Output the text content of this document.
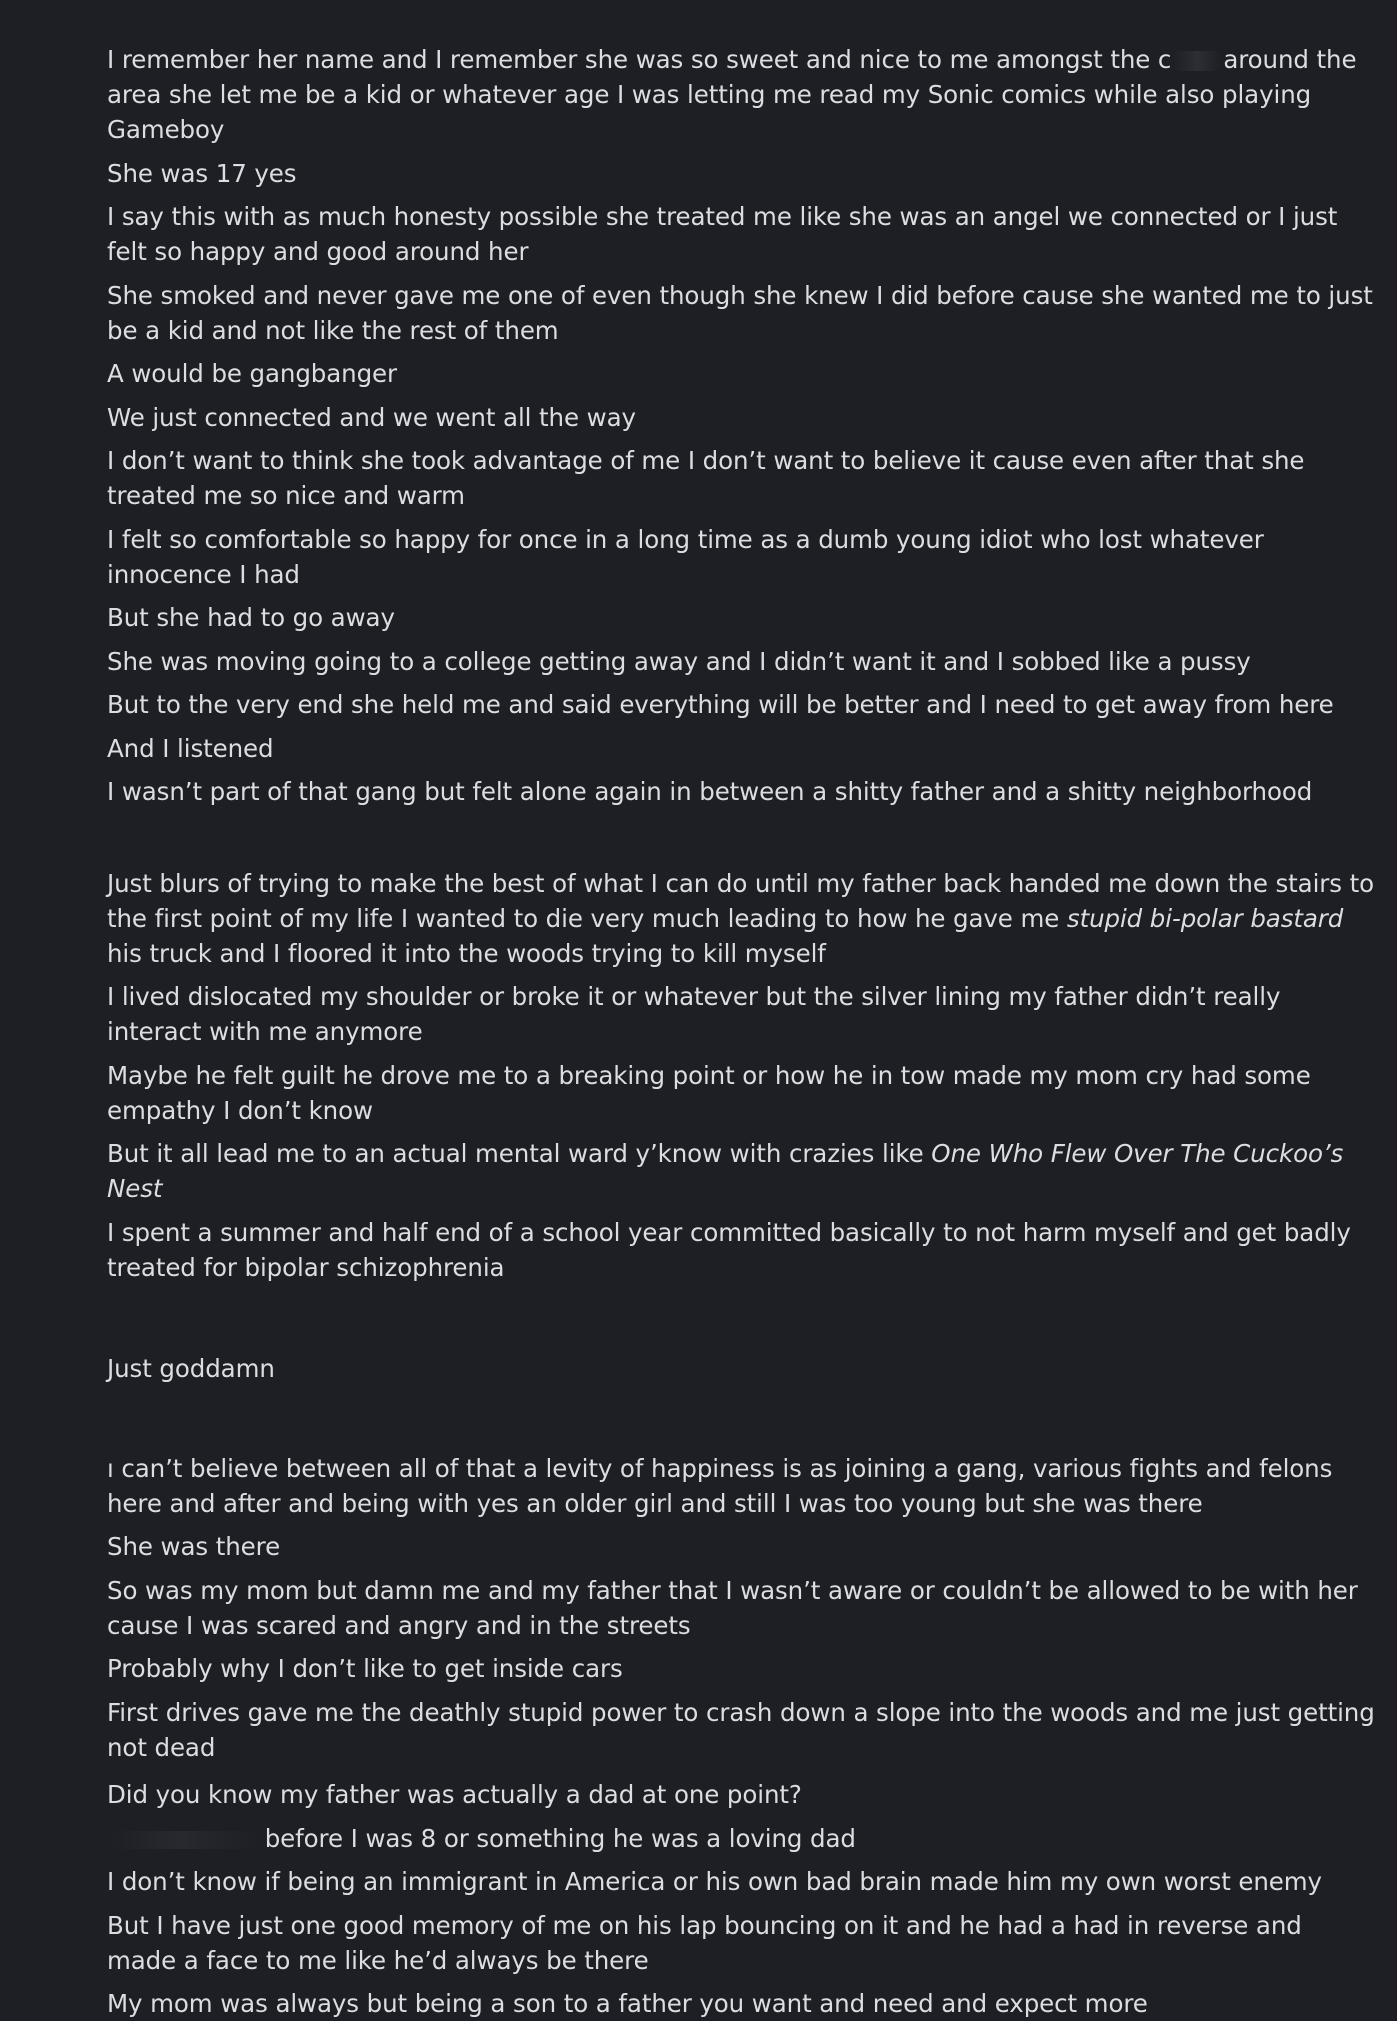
I remember her name and I remember she was so sweet and nice to me amongst the c around the area she let me be a kid or whatever age I was letting me read my Sonic comics while also playing Gameboy
She was 17 yes
I say this with as much honesty possible she treated me like she was an angel we connected or I just felt so happy and good around her
She smoked and never gave me one of even though she knew I did before cause she wanted me to just be a kid and not like the rest of them
A would be gangbanger
We just connected and we went all the way
I don’t want to think she took advantage of me I don’t want to believe it cause even after that she treated me so nice and warm
I felt so comfortable so happy for once in a long time as a dumb young idiot who lost whatever innocence I had
But she had to go away
She was moving going to a college getting away and I didn’t want it and I sobbed like a pussy
But to the very end she held me and said everything will be better and I need to get away from here
And I listened
I wasn’t part of that gang but felt alone again in between a shitty father and a shitty neighborhood
Just blurs of trying to make the best of what I can do until my father back handed me down the stairs to the first point of my life I wanted to die very much leading to how he gave me stupid bi-polar bastard his truck and I floored it into the woods trying to kill myself
I lived dislocated my shoulder or broke it or whatever but the silver lining my father didn’t really interact with me anymore
Maybe he felt guilt he drove me to a breaking point or how he in tow made my mom cry had some empathy I don’t know
But it all lead me to an actual mental ward y’know with crazies like One Who Flew Over The Cuckoo’s Nest
I spent a summer and half end of a school year committed basically to not harm myself and get badly treated for bipolar schizophrenia
Just goddamn
ı can’t believe between all of that a levity of happiness is as joining a gang, various fights and felons here and after and being with yes an older girl and still I was too young but she was there
She was there
So was my mom but damn me and my father that I wasn’t aware or couldn’t be allowed to be with her cause I was scared and angry and in the streets
Probably why I don’t like to get inside cars
First drives gave me the deathly stupid power to crash down a slope into the woods and me just getting not dead
Did you know my father was actually a dad at one point?
before I was 8 or something he was a loving dad
I don’t know if being an immigrant in America or his own bad brain made him my own worst enemy
But I have just one good memory of me on his lap bouncing on it and he had a had in reverse and made a face to me like he’d always be there
My mom was always but being a son to a father you want and need and expect more
